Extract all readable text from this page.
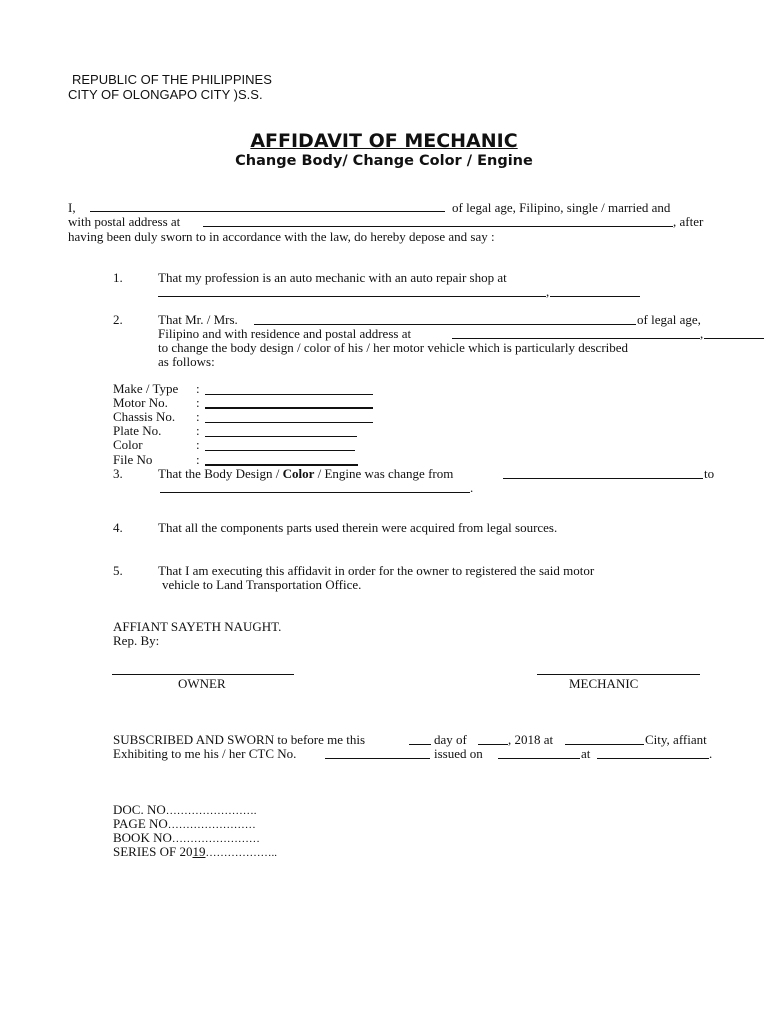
REPUBLIC OF THE PHILIPPINES
CITY OF OLONGAPO CITY )S.S.
AFFIDAVIT OF MECHANIC
Change Body/ Change Color / Engine
I,	of legal age, Filipino, single / married and
with postal address at	, after
having been duly sworn to in accordance with the law, do hereby depose and say :
1.	That my profession is an auto mechanic with an auto repair shop at
,
2.	That Mr. / Mrs.	of legal age,
Filipino and with residence and postal address at	,
to change the body design / color of his / her motor vehicle which is particularly described
as follows:
Make / Type :
Motor No. :
Chassis No. :
Plate No.	:
Color	:
File No	:
3.	That the Body Design / Color / Engine was change from	to
.
4.	That all the components parts used therein were acquired from legal sources.
5.	That I am executing this affidavit in order for the owner to registered the said motor
vehicle to Land Transportation Office.
AFFIANT SAYETH NAUGHT.
Rep. By:
OWNER	MECHANIC
SUBSCRIBED AND SWORN to before me this	day of	, 2018 at	City, affiant
Exhibiting to me his / her CTC No.	issued on	at	.
DOC. NO…………………….
PAGE NO……………………
BOOK NO……………………
SERIES OF 2019………………..
